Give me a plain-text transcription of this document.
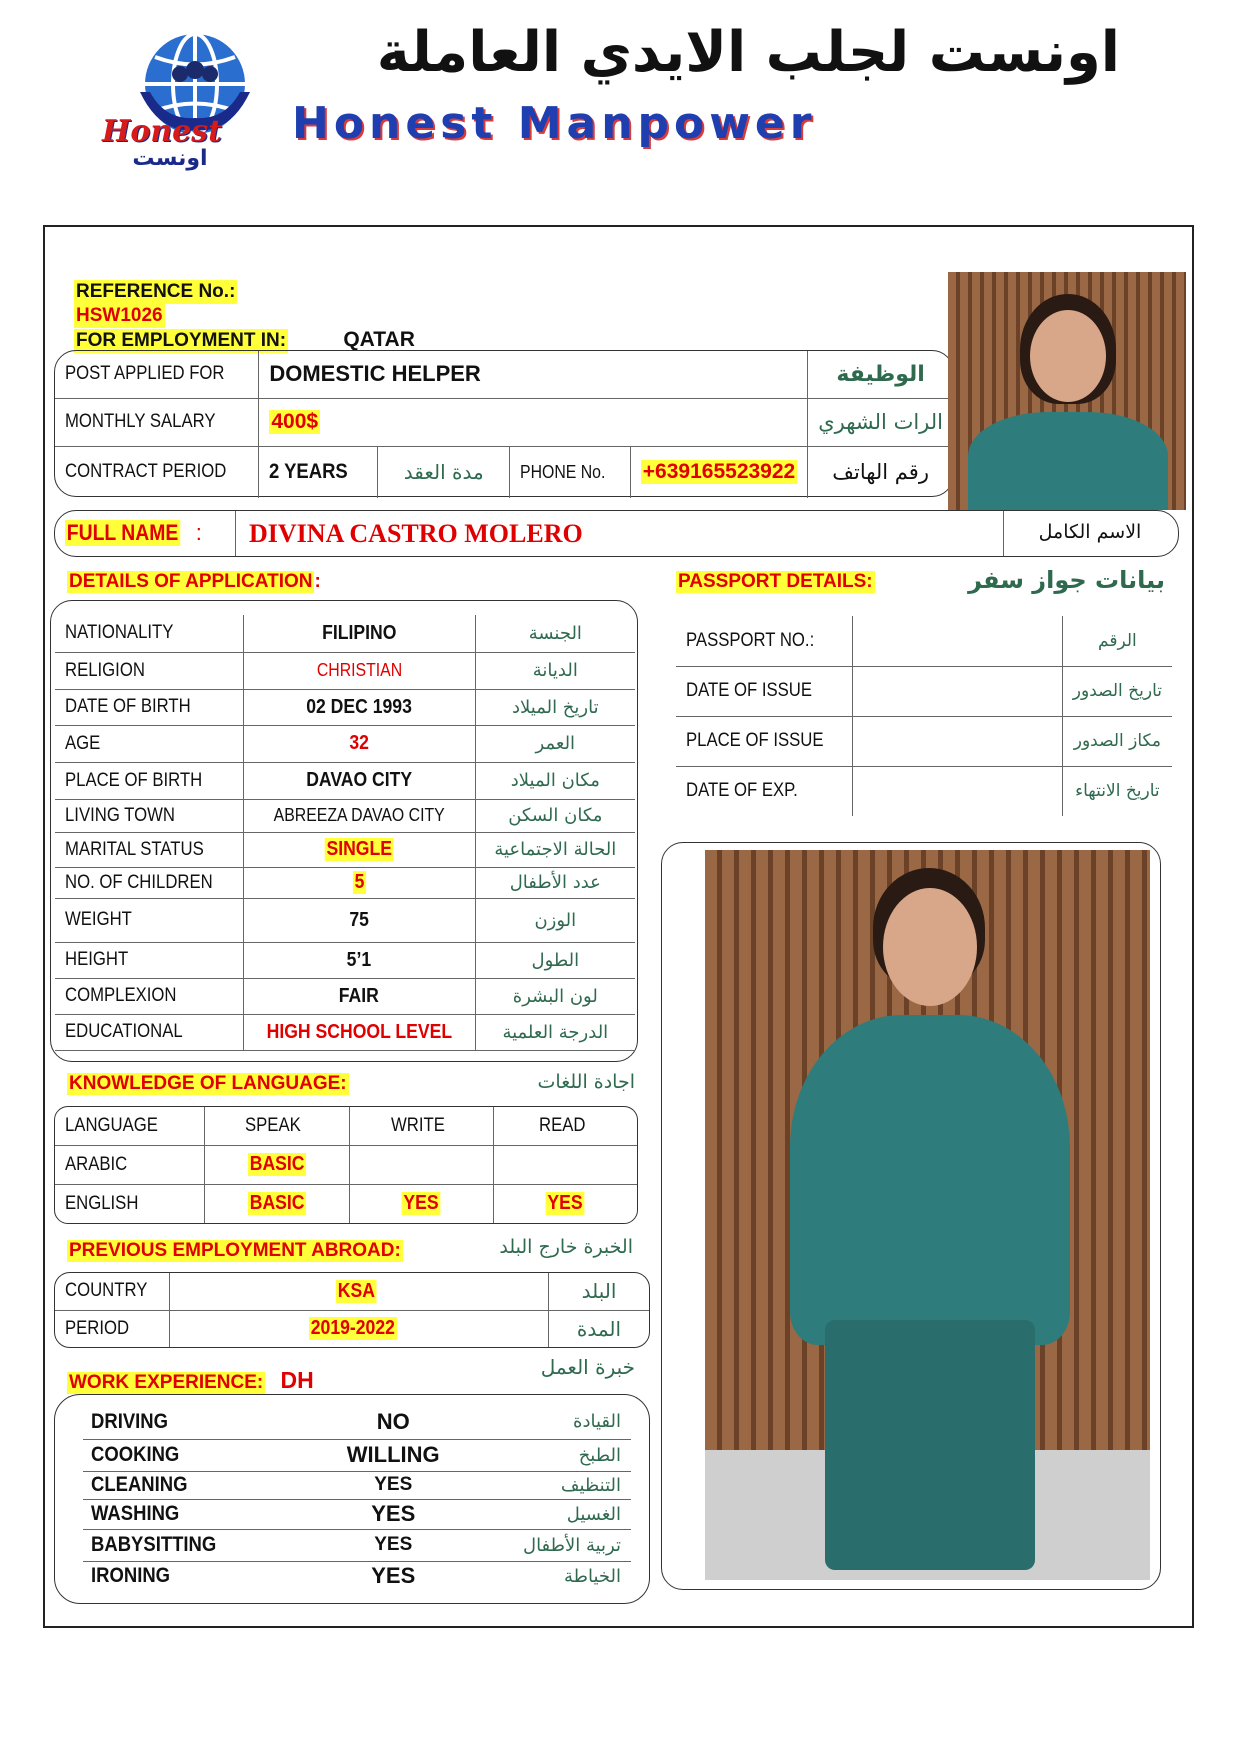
Honest
اونست
اونست لجلب الايدي العاملة
Honest Manpower
REFERENCE No.:
HSW1026
FOR EMPLOYMENT IN:	QATAR
POST APPLIED FOR	DOMESTIC HELPER				الوظيفة
MONTHLY SALARY	400$				الرات الشهري
CONTRACT PERIOD	2 YEARS	مدة العقد	PHONE No.	+639165523922	رقم الهاتف
FULL NAME : DIVINA CASTRO MOLERO	الاسم الكامل
DETAILS OF APPLICATION :	PASSPORT DETAILS:	بيانات جواز سفر
NATIONALITY	FILIPINO	الجنسة
RELIGION	CHRISTIAN	الديانة
DATE OF BIRTH	02 DEC 1993	تاريخ الميلاد
AGE	32	العمر
PLACE OF BIRTH	DAVAO CITY	مكان الميلاد
LIVING TOWN	ABREEZA DAVAO CITY	مكان السكن
MARITAL STATUS	SINGLE	الحالة الاجتماعية
NO. OF CHILDREN	5	عدد الأطفال
WEIGHT	75	الوزن
HEIGHT	5’1	الطول
COMPLEXION	FAIR	لون البشرة
EDUCATIONAL	HIGH SCHOOL LEVEL	الدرجة العلمية
PASSPORT NO.:		الرقم
DATE OF ISSUE		تاريخ الصدور
PLACE OF ISSUE		مكاز الصدور
DATE OF EXP.		تاريخ الانتهاء
KNOWLEDGE OF LANGUAGE:	اجادة اللغات
LANGUAGE	SPEAK	WRITE	READ
ARABIC	BASIC		
ENGLISH	BASIC	YES	YES
PREVIOUS EMPLOYMENT ABROAD:	الخبرة خارج البلد
COUNTRY	KSA	البلد
PERIOD	2019-2022	المدة
WORK EXPERIENCE: DH	خبرة العمل
DRIVING	NO	القيادة
COOKING	WILLING	الطبخ
CLEANING	YES	التنظيف
WASHING	YES	الغسيل
BABYSITTING	YES	تربية الأطفال
IRONING	YES	الخياطة
